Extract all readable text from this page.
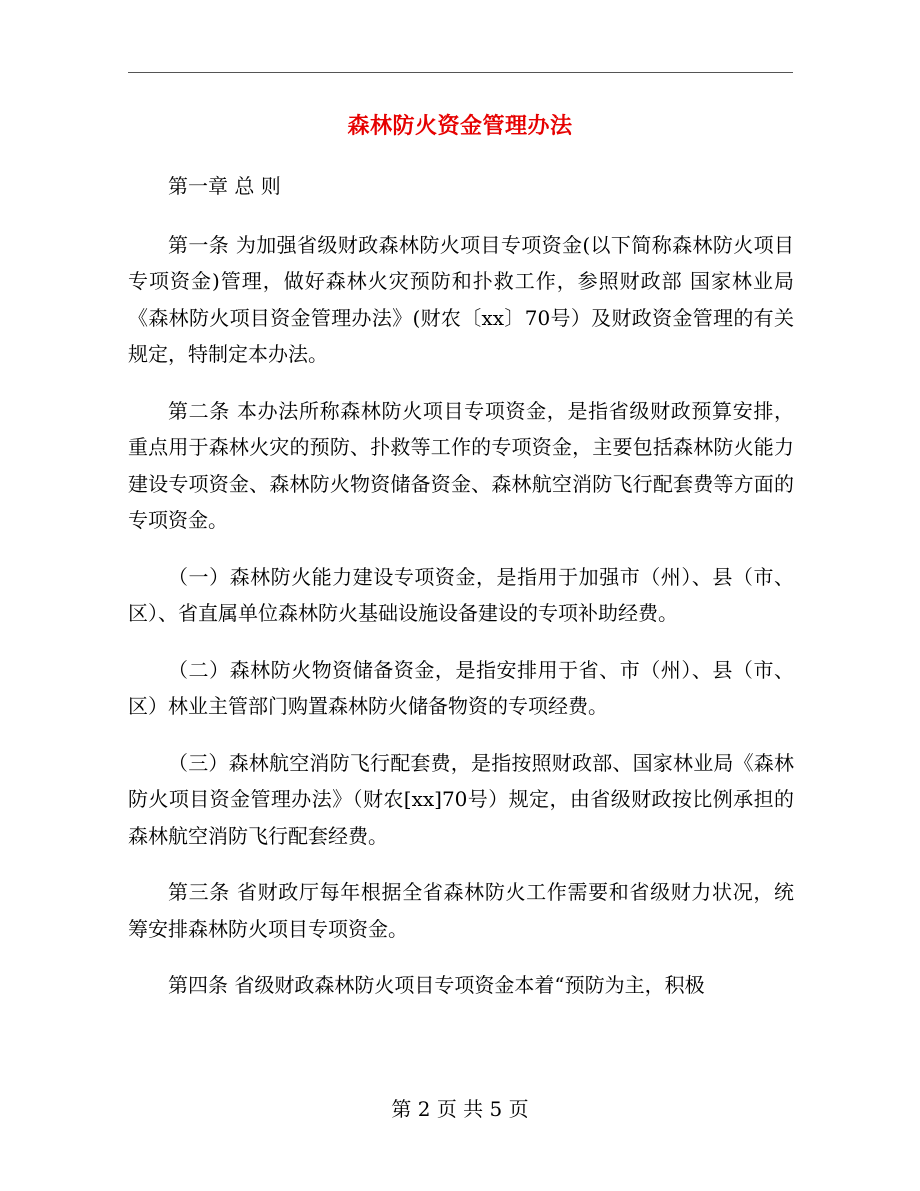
森林防火资金管理办法

第一章 总 则

第一条 为加强省级财政森林防火项目专项资金(以下简称森林防火项目专项资金)管理，做好森林火灾预防和扑救工作，参照财政部 国家林业局《森林防火项目资金管理办法》(财农〔xx〕70号）及财政资金管理的有关规定，特制定本办法。

第二条 本办法所称森林防火项目专项资金，是指省级财政预算安排，重点用于森林火灾的预防、扑救等工作的专项资金，主要包括森林防火能力建设专项资金、森林防火物资储备资金、森林航空消防飞行配套费等方面的专项资金。

（一）森林防火能力建设专项资金，是指用于加强市（州）、县（市、区）、省直属单位森林防火基础设施设备建设的专项补助经费。

（二）森林防火物资储备资金，是指安排用于省、市（州）、县（市、区）林业主管部门购置森林防火储备物资的专项经费。

（三）森林航空消防飞行配套费，是指按照财政部、国家林业局《森林防火项目资金管理办法》（财农[xx]70号）规定，由省级财政按比例承担的森林航空消防飞行配套经费。

第三条 省财政厅每年根据全省森林防火工作需要和省级财力状况，统筹安排森林防火项目专项资金。

第四条 省级财政森林防火项目专项资金本着“预防为主，积极

第 2 页 共 5 页
